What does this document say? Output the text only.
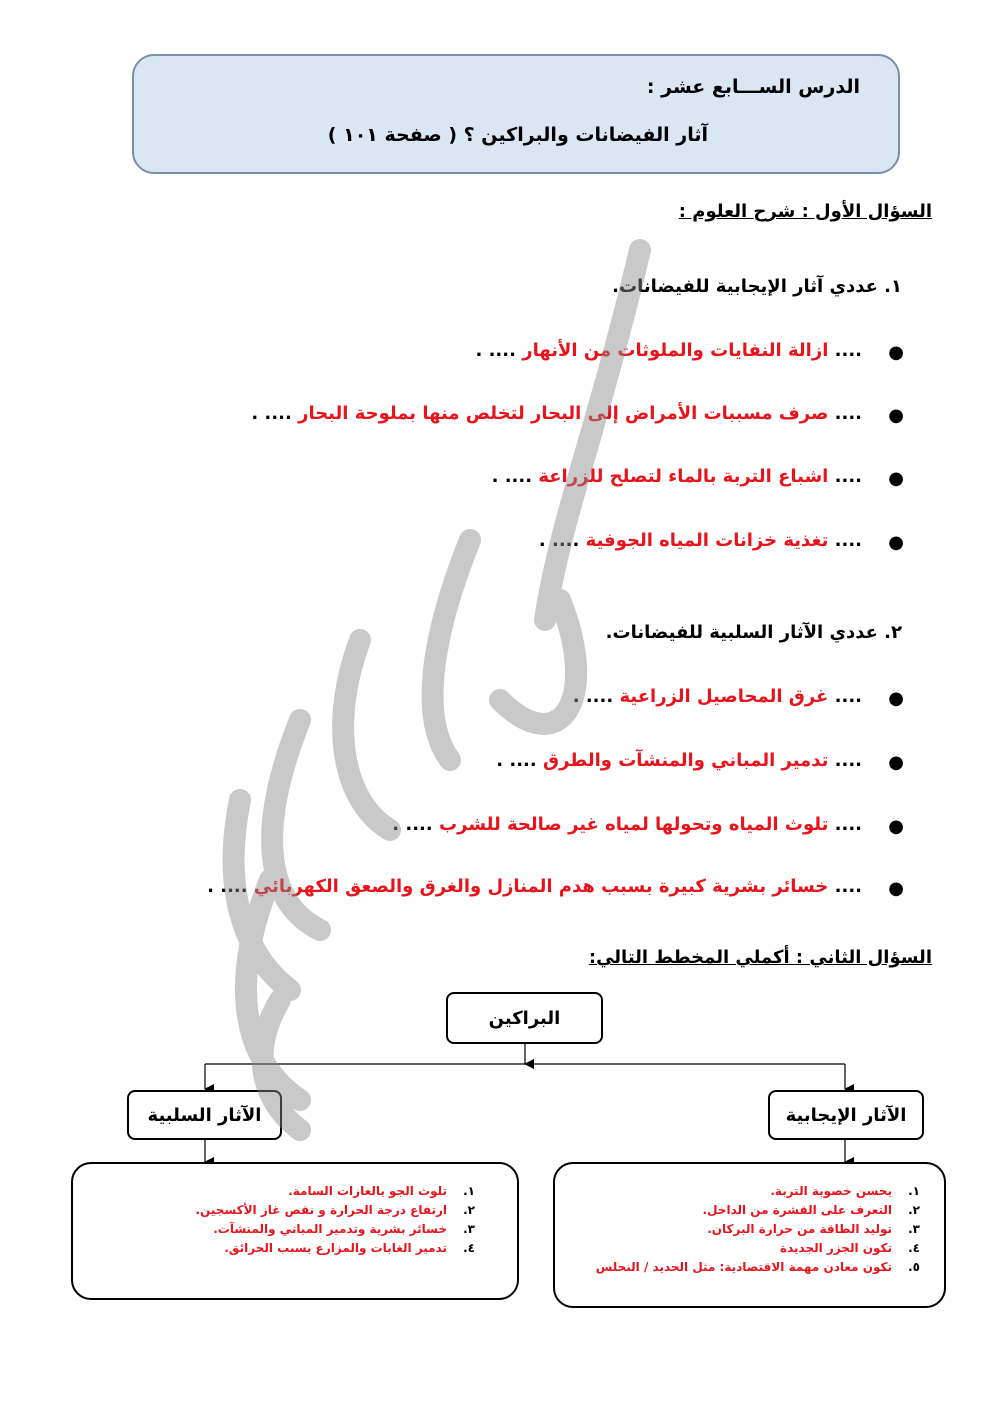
الدرس الســـابع عشر :
آثار الفيضانات والبراكين ؟ ( صفحة ١٠١ )
السؤال الأول : شرح العلوم :
١. عددي آثار الإيجابية للفيضانات.
●
.... ازالة النفايات والملوثات من الأنهار .... .
●
.... صرف مسببات الأمراض إلى البحار لتخلص منها بملوحة البحار .... .
●
.... اشباع التربة بالماء لتصلح للزراعة .... .
●
.... تغذية خزانات المياه الجوفية .... .
٢. عددي الآثار السلبية للفيضانات.
●
.... غرق المحاصيل الزراعية .... .
●
.... تدمير المباني والمنشآت والطرق .... .
●
.... تلوث المياه وتحولها لمياه غير صالحة للشرب .... .
●
.... خسائر بشرية كبيرة بسبب هدم المنازل والغرق والصعق الكهربائي .... .
السؤال الثاني : أكملي المخطط التالي:
البراكين
الآثار السلبية	الآثار الإيجابية
١.تلوث الجو بالغازات السامة.
٢.ارتفاع درجة الحرارة و نقص غاز الأكسجين.
٣.خسائر بشرية وتدمير المباني والمنشآت.
٤.تدمير الغابات والمزارع بسبب الحرائق.
١.يحسن خصوبة التربة.
٢.التعرف على القشرة من الداخل.
٣.توليد الطاقة من حرارة البركان.
٤.تكون الجزر الجديدة
٥.تكون معادن مهمة الاقتصادية: مثل الحديد / النحلس
